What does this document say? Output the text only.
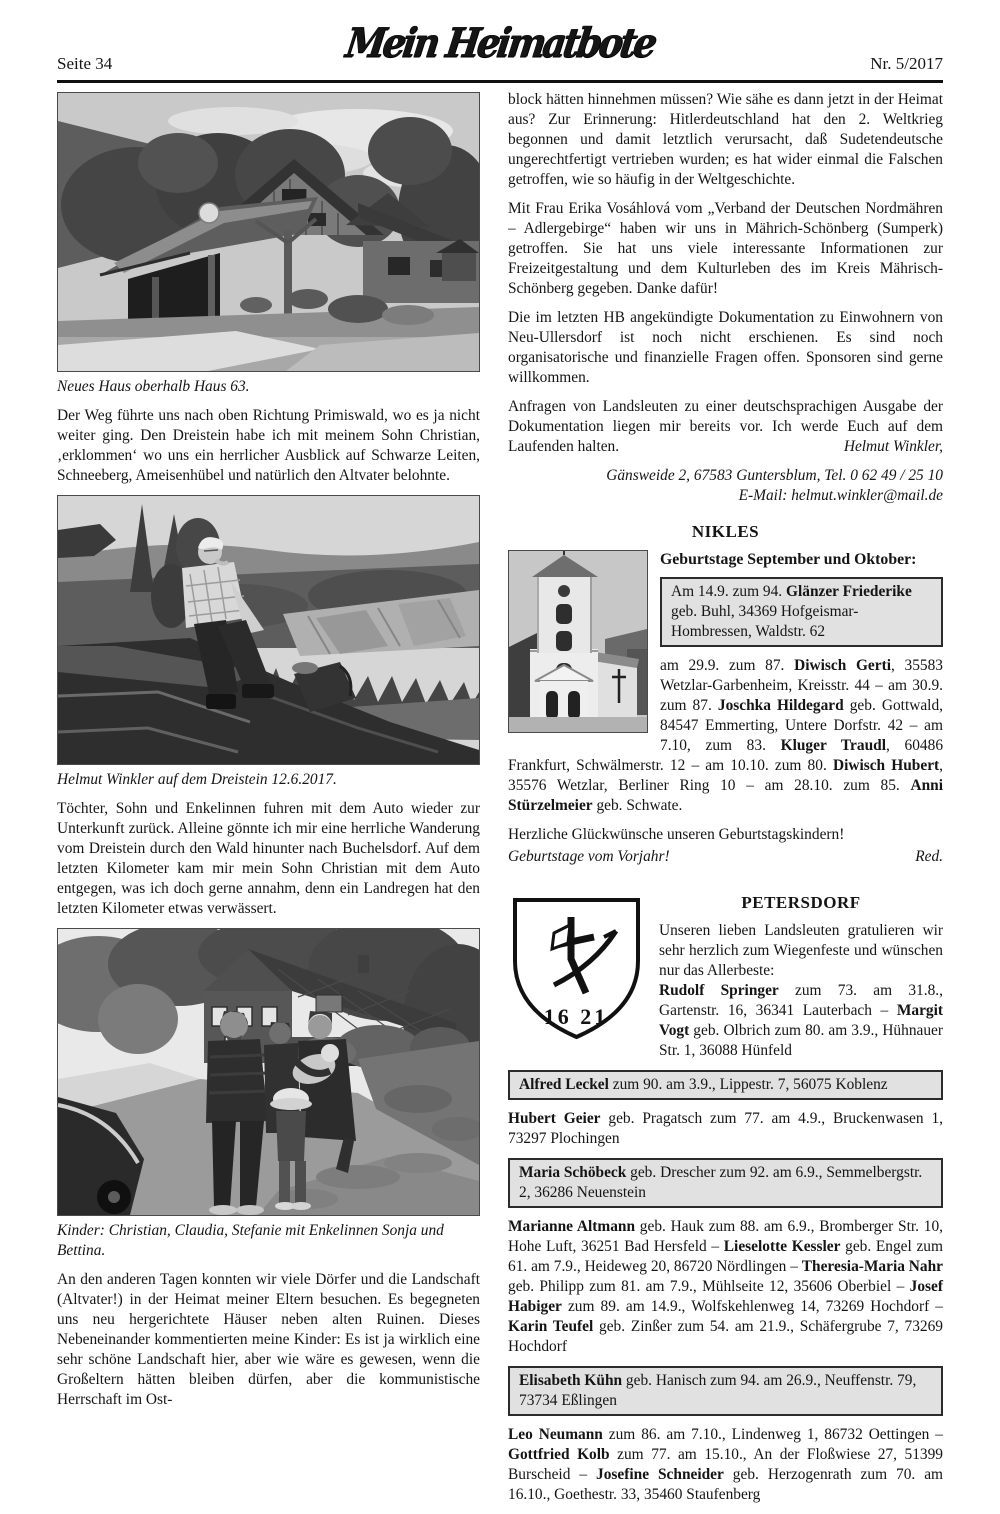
Seite 34	Mein Heimatbote	Nr. 5/2017
Neues Haus oberhalb Haus 63.

Der Weg führte uns nach oben Richtung Primiswald, wo es ja nicht weiter ging. Den Dreistein habe ich mit meinem Sohn Christian, ‚erklommen‘ wo uns ein herrlicher Ausblick auf Schwarze Leiten, Schneeberg, Ameisenhübel und natürlich den Altvater belohnte.

Helmut Winkler auf dem Dreistein 12.6.2017.

Töchter, Sohn und Enkelinnen fuhren mit dem Auto wieder zur Unterkunft zurück. Alleine gönnte ich mir eine herrliche Wanderung vom Dreistein durch den Wald hinunter nach Buchelsdorf. Auf dem letzten Kilometer kam mir mein Sohn Christian mit dem Auto entgegen, was ich doch gerne annahm, denn ein Landregen hat den letzten Kilometer etwas verwässert.

Kinder: Christian, Claudia, Stefanie mit Enkelinnen Sonja und Bettina.

An den anderen Tagen konnten wir viele Dörfer und die Landschaft (Altvater!) in der Heimat meiner Eltern besuchen. Es begegneten uns neu hergerichtete Häuser neben alten Ruinen. Dieses Nebeneinander kommentierten meine Kinder: Es ist ja wirklich eine sehr schöne Landschaft hier, aber wie wäre es gewesen, wenn die Großeltern hätten bleiben dürfen, aber die kommunistische Herrschaft im Ost-

block hätten hinnehmen müssen? Wie sähe es dann jetzt in der Heimat aus? Zur Erinnerung: Hitlerdeutschland hat den 2. Weltkrieg begonnen und damit letztlich verursacht, daß Sudetendeutsche ungerechtfertigt vertrieben wurden; es hat wider einmal die Falschen getroffen, wie so häufig in der Weltgeschichte.

Mit Frau Erika Vosáhlová vom „Verband der Deutschen Nordmähren – Adlergebirge“ haben wir uns in Mährich-Schönberg (Sumperk) getroffen. Sie hat uns viele interessante Informationen zur Freizeitgestaltung und dem Kulturleben des im Kreis Mährisch-Schönberg gegeben. Danke dafür!

Die im letzten HB angekündigte Dokumentation zu Einwohnern von Neu-Ullersdorf ist noch nicht erschienen. Es sind noch organisatorische und finanzielle Fragen offen. Sponsoren sind gerne willkommen.

Anfragen von Landsleuten zu einer deutschsprachigen Ausgabe der Dokumentation liegen mir bereits vor. Ich werde Euch auf dem Laufenden halten.	Helmut Winkler,

Gänsweide 2, 67583 Guntersblum, Tel. 0 62 49 / 25 10

E-Mail: helmut.winkler@mail.de

NIKLES
Geburtstage September und Oktober:
Am 14.9. zum 94. Glänzer Friederike geb. Buhl, 34369 Hofgeismar-Hombressen, Waldstr. 62

am 29.9. zum 87. Diwisch Gerti, 35583 Wetzlar-Garbenheim, Kreisstr. 44 – am 30.9. zum 87. Joschka Hildegard geb. Gottwald, 84547 Emmerting, Untere Dorfstr. 42 – am 7.10, zum 83. Kluger Traudl, 60486 Frankfurt, Schwälmerstr. 12 – am 10.10. zum 80. Diwisch Hubert, 35576 Wetzlar, Berliner Ring 10 – am 28.10. zum 85. Anni Stürzelmeier geb. Schwate.

Herzliche Glückwünsche unseren Geburtstagskindern!

Geburtstage vom Vorjahr!	Red.
16 21
PETERSDORF

Unseren lieben Landsleuten gratulieren wir sehr herzlich zum Wiegenfeste und wünschen nur das Allerbeste:

Rudolf Springer zum 73. am 31.8., Gartenstr. 16, 36341 Lauterbach – Margit Vogt geb. Olbrich zum 80. am 3.9., Hühnauer Str. 1, 36088 Hünfeld

Alfred Leckel zum 90. am 3.9., Lippestr. 7, 56075 Koblenz

Hubert Geier geb. Pragatsch zum 77. am 4.9., Bruckenwasen 1, 73297 Plochingen

Maria Schöbeck geb. Drescher zum 92. am 6.9., Semmelbergstr. 2, 36286 Neuenstein

Marianne Altmann geb. Hauk zum 88. am 6.9., Bromberger Str. 10, Hohe Luft, 36251 Bad Hersfeld – Lieselotte Kessler geb. Engel zum 61. am 7.9., Heideweg 20, 86720 Nördlingen – Theresia-Maria Nahr geb. Philipp zum 81. am 7.9., Mühlseite 12, 35606 Oberbiel – Josef Habiger zum 89. am 14.9., Wolfskehlenweg 14, 73269 Hochdorf – Karin Teufel geb. Zinßer zum 54. am 21.9., Schäfergrube 7, 73269 Hochdorf

Elisabeth Kühn geb. Hanisch zum 94. am 26.9., Neuffenstr. 79, 73734 Eßlingen

Leo Neumann zum 86. am 7.10., Lindenweg 1, 86732 Oettingen – Gottfried Kolb zum 77. am 15.10., An der Floßwiese 27, 51399 Burscheid – Josefine Schneider geb. Herzogenrath zum 70. am 16.10., Goethestr. 33, 35460 Staufenberg
